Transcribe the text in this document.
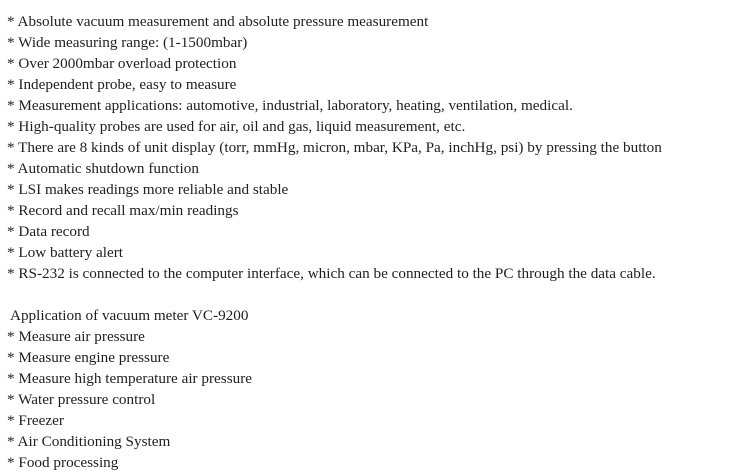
* Absolute vacuum measurement and absolute pressure measurement
* Wide measuring range: (1-1500mbar)
* Over 2000mbar overload protection
* Independent probe, easy to measure
* Measurement applications: automotive, industrial, laboratory, heating, ventilation, medical.
* High-quality probes are used for air, oil and gas, liquid measurement, etc.
* There are 8 kinds of unit display (torr, mmHg, micron, mbar, KPa, Pa, inchHg, psi) by pressing the button
* Automatic shutdown function
* LSI makes readings more reliable and stable
* Record and recall max/min readings
* Data record
* Low battery alert
* RS-232 is connected to the computer interface, which can be connected to the PC through the data cable.
Application of vacuum meter VC-9200
* Measure air pressure
* Measure engine pressure
* Measure high temperature air pressure
* Water pressure control
* Freezer
* Air Conditioning System
* Food processing
